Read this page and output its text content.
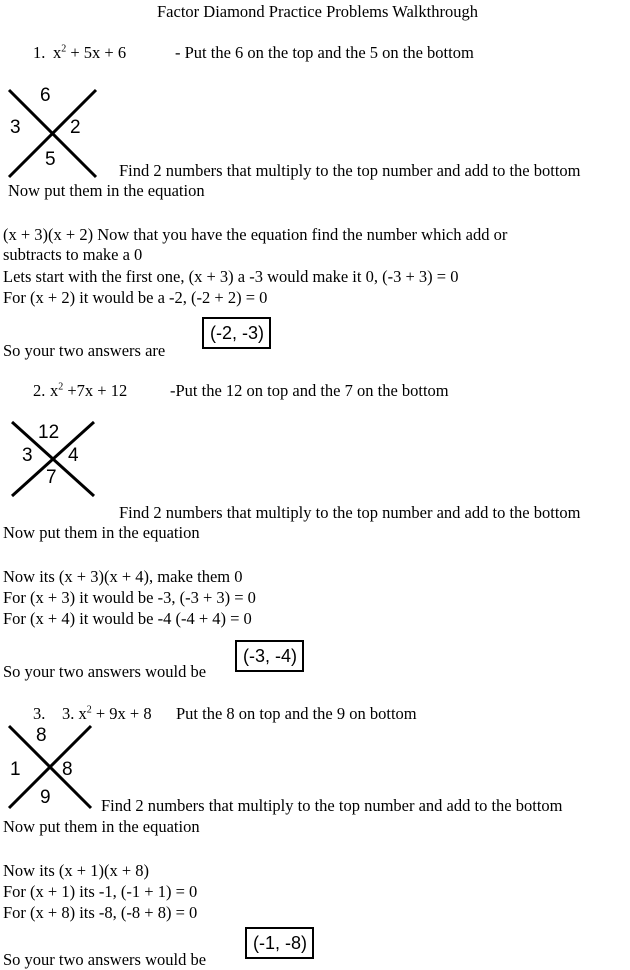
Factor Diamond Practice Problems Walkthrough
1. $x^2 + 5x + 6$	- Put the 6 on the top and the 5 on the bottom
6
3	2
5
Find 2 numbers that multiply to the top number and add to the bottom
Now put them in the equation
(x + 3)(x + 2) Now that you have the equation find the number which add or
subtracts to make a 0
Lets start with the first one, (x + 3) a -3 would make it 0, (-3 + 3) = 0
For (x + 2) it would be a -2, (-2 + 2) = 0
So your two answers are
(-2, -3)
2. $x^2 +7x + 12$	-Put the 12 on top and the 7 on the bottom
12
3 4
7
Find 2 numbers that multiply to the top number and add to the bottom
Now put them in the equation
Now its (x + 3)(x + 4), make them 0
For (x + 3) it would be -3, (-3 + 3) = 0
For (x + 4) it would be -4 (-4 + 4) = 0
So your two answers would be
(-3, -4)
3. 3. $x^2 + 9x + 8$ Put the 8 on top and the 9 on bottom
8
1 8
9	Find 2 numbers that multiply to the top number and add to the bottom
Now put them in the equation
Now its (x + 1)(x + 8)
For (x + 1) its -1, (-1 + 1) = 0
For (x + 8) its -8, (-8 + 8) = 0
So your two answers would be
(-1, -8)
